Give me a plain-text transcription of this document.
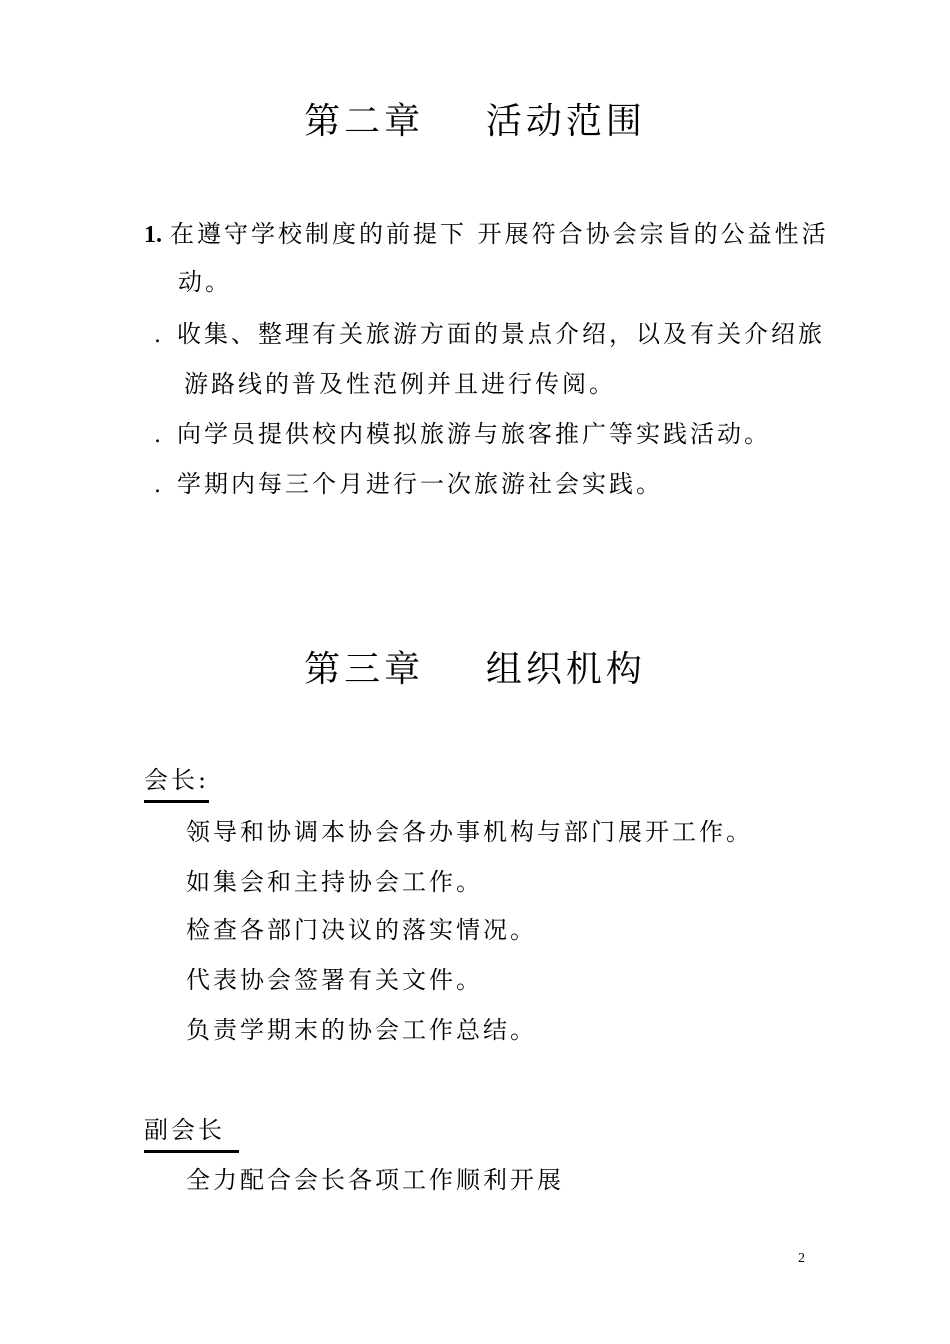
第二章    活动范围
1. 在遵守学校制度的前提下 开展符合协会宗旨的公益性活
动。
. 收集、整理有关旅游方面的景点介绍，以及有关介绍旅
游路线的普及性范例并且进行传阅。
. 向学员提供校内模拟旅游与旅客推广等实践活动。
. 学期内每三个月进行一次旅游社会实践。
第三章    组织机构
会长:
领导和协调本协会各办事机构与部门展开工作。
如集会和主持协会工作。
检查各部门决议的落实情况。
代表协会签署有关文件。
负责学期末的协会工作总结。
副会长
全力配合会长各项工作顺利开展
2
